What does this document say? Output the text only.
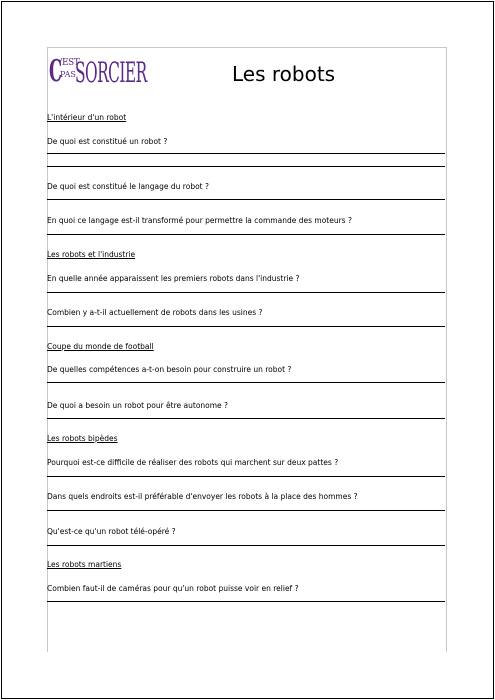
C
'EST
PAS SORCIER	Les robots
L'intérieur d'un robot
De quoi est constitué un robot ?
De quoi est constitué le langage du robot ?
En quoi ce langage est-il transformé pour permettre la commande des moteurs ?
Les robots et l'industrie
En quelle année apparaissent les premiers robots dans l'industrie ?
Combien y a-t-il actuellement de robots dans les usines ?
Coupe du monde de football
De quelles compétences a-t-on besoin pour construire un robot ?
De quoi a besoin un robot pour être autonome ?
Les robots bipèdes
Pourquoi est-ce difficile de réaliser des robots qui marchent sur deux pattes ?
Dans quels endroits est-il préférable d'envoyer les robots à la place des hommes ?
Qu'est-ce qu'un robot télé-opéré ?
Les robots martiens
Combien faut-il de caméras pour qu'un robot puisse voir en relief ?
